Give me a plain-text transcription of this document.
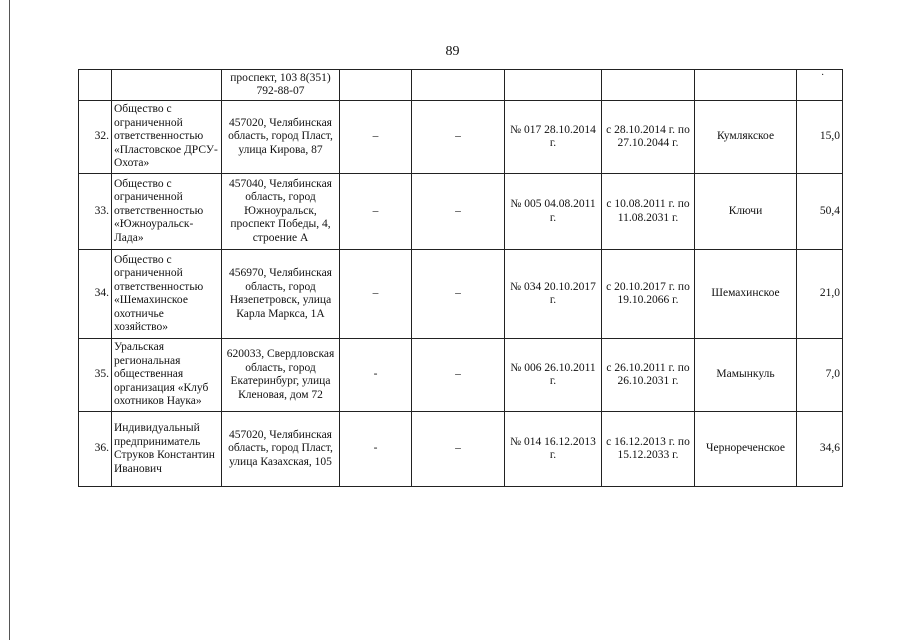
89
·
		проспект, 103 8(351) 792-88-07						
32.	Общество с ограниченной ответственностью «Пластовское ДРСУ-Охота»	457020, Челябинская область, город Пласт, улица Кирова, 87	–	–	№ 017 28.10.2014 г.	с 28.10.2014 г. по 27.10.2044 г.	Кумлякское	15,0
33.	Общество с ограниченной ответственностью «Южноуральск-Лада»	457040, Челябинская область, город Южноуральск, проспект Победы, 4, строение А	–	–	№ 005 04.08.2011 г.	с 10.08.2011 г. по 11.08.2031 г.	Ключи	50,4
34.	Общество с ограниченной ответственностью «Шемахинское охотничье хозяйство»	456970, Челябинская область, город Нязепетровск, улица Карла Маркса, 1А	–	–	№ 034 20.10.2017 г.	с 20.10.2017 г. по 19.10.2066 г.	Шемахинское	21,0
35.	Уральская региональная общественная организация «Клуб охотников Наука»	620033, Свердловская область, город Екатеринбург, улица Кленовая, дом 72	-	–	№ 006 26.10.2011 г.	с 26.10.2011 г. по 26.10.2031 г.	Мамынкуль	7,0
36.	Индивидуальный предприниматель Струков Константин Иванович	457020, Челябинская область, город Пласт, улица Казахская, 105	-	–	№ 014 16.12.2013 г.	с 16.12.2013 г. по 15.12.2033 г.	Чернореченское	34,6
